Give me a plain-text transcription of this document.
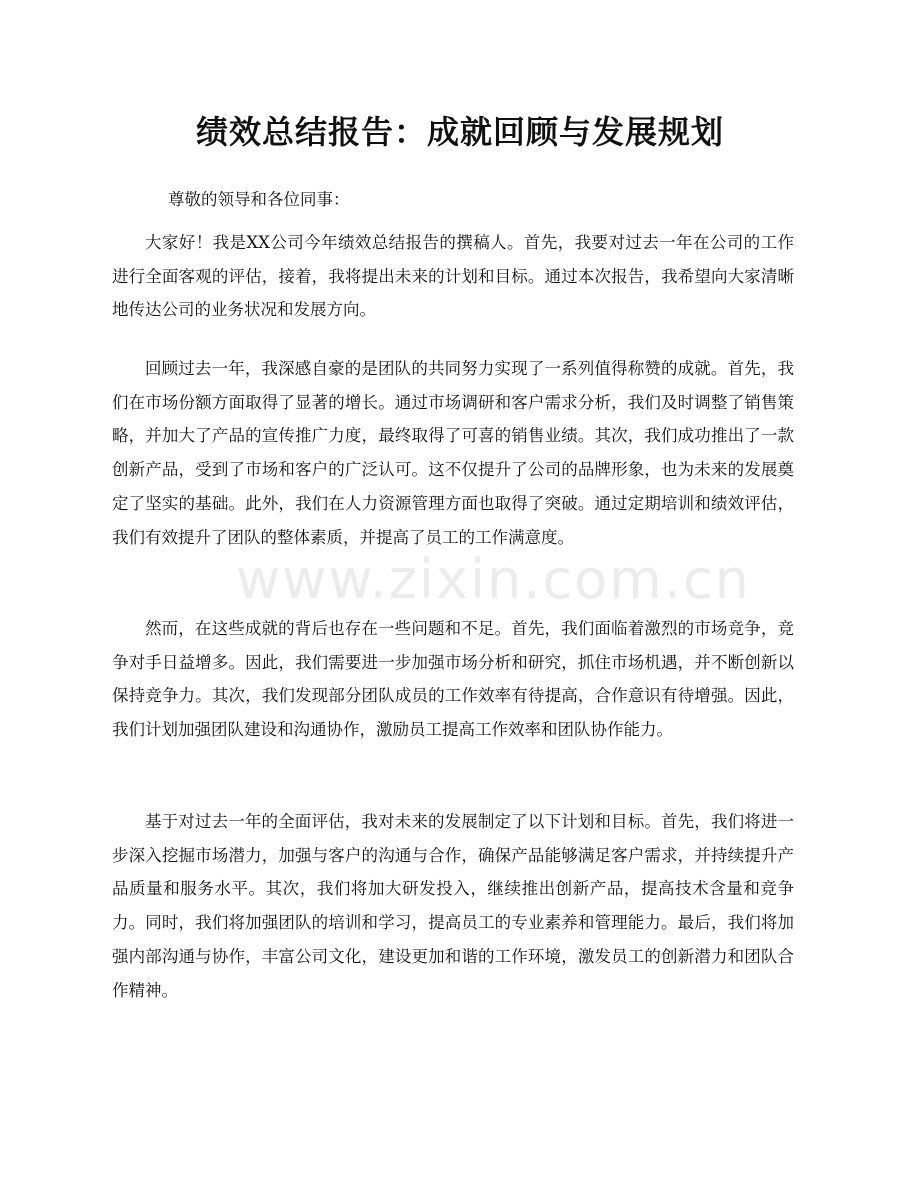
绩效总结报告：成就回顾与发展规划

尊敬的领导和各位同事：

大家好！我是XX公司今年绩效总结报告的撰稿人。首先，我要对过去一年在公司的工作进行全面客观的评估，接着，我将提出未来的计划和目标。通过本次报告，我希望向大家清晰地传达公司的业务状况和发展方向。

回顾过去一年，我深感自豪的是团队的共同努力实现了一系列值得称赞的成就。首先，我们在市场份额方面取得了显著的增长。通过市场调研和客户需求分析，我们及时调整了销售策略，并加大了产品的宣传推广力度，最终取得了可喜的销售业绩。其次，我们成功推出了一款创新产品，受到了市场和客户的广泛认可。这不仅提升了公司的品牌形象，也为未来的发展奠定了坚实的基础。此外，我们在人力资源管理方面也取得了突破。通过定期培训和绩效评估，我们有效提升了团队的整体素质，并提高了员工的工作满意度。

然而，在这些成就的背后也存在一些问题和不足。首先，我们面临着激烈的市场竞争，竞争对手日益增多。因此，我们需要进一步加强市场分析和研究，抓住市场机遇，并不断创新以保持竞争力。其次，我们发现部分团队成员的工作效率有待提高，合作意识有待增强。因此，我们计划加强团队建设和沟通协作，激励员工提高工作效率和团队协作能力。

基于对过去一年的全面评估，我对未来的发展制定了以下计划和目标。首先，我们将进一步深入挖掘市场潜力，加强与客户的沟通与合作，确保产品能够满足客户需求，并持续提升产品质量和服务水平。其次，我们将加大研发投入，继续推出创新产品，提高技术含量和竞争力。同时，我们将加强团队的培训和学习，提高员工的专业素养和管理能力。最后，我们将加强内部沟通与协作，丰富公司文化，建设更加和谐的工作环境，激发员工的创新潜力和团队合作精神。

www.zixin.com.cn
